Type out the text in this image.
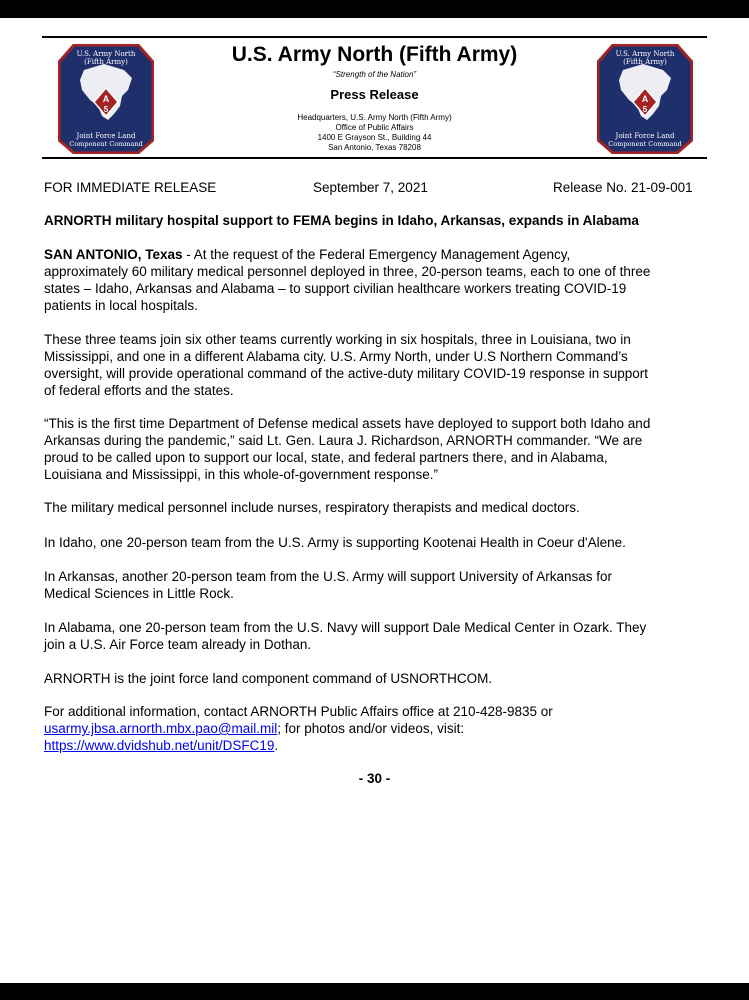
A
5
U.S. Army North
(Fifth Army)
Joint Force Land
Component Command
A
5
U.S. Army North
(Fifth Army)
Joint Force Land
Component Command
U.S. Army North (Fifth Army)
“Strength of the Nation”
Press Release
Headquarters, U.S. Army North (Fifth Army)
Office of Public Affairs
1400 E Grayson St., Building 44
San Antonio, Texas 78208
FOR IMMEDIATE RELEASE	September 7, 2021	Release No. 21-09-001
ARNORTH military hospital support to FEMA begins in Idaho, Arkansas, expands in Alabama
SAN ANTONIO, Texas - At the request of the Federal Emergency Management Agency,
approximately 60 military medical personnel deployed in three, 20-person teams, each to one of three
states – Idaho, Arkansas and Alabama – to support civilian healthcare workers treating COVID-19
patients in local hospitals.
These three teams join six other teams currently working in six hospitals, three in Louisiana, two in
Mississippi, and one in a different Alabama city. U.S. Army North, under U.S Northern Command’s
oversight, will provide operational command of the active-duty military COVID-19 response in support
of federal efforts and the states.
“This is the first time Department of Defense medical assets have deployed to support both Idaho and
Arkansas during the pandemic,” said Lt. Gen. Laura J. Richardson, ARNORTH commander. “We are
proud to be called upon to support our local, state, and federal partners there, and in Alabama,
Louisiana and Mississippi, in this whole-of-government response.”
The military medical personnel include nurses, respiratory therapists and medical doctors.
In Idaho, one 20-person team from the U.S. Army is supporting Kootenai Health in Coeur d'Alene.
In Arkansas, another 20-person team from the U.S. Army will support University of Arkansas for
Medical Sciences in Little Rock.
In Alabama, one 20-person team from the U.S. Navy will support Dale Medical Center in Ozark. They
join a U.S. Air Force team already in Dothan.
ARNORTH is the joint force land component command of USNORTHCOM.
For additional information, contact ARNORTH Public Affairs office at 210-428-9835 or
usarmy.jbsa.arnorth.mbx.pao@mail.mil; for photos and/or videos, visit:
https://www.dvidshub.net/unit/DSFC19.
- 30 -
